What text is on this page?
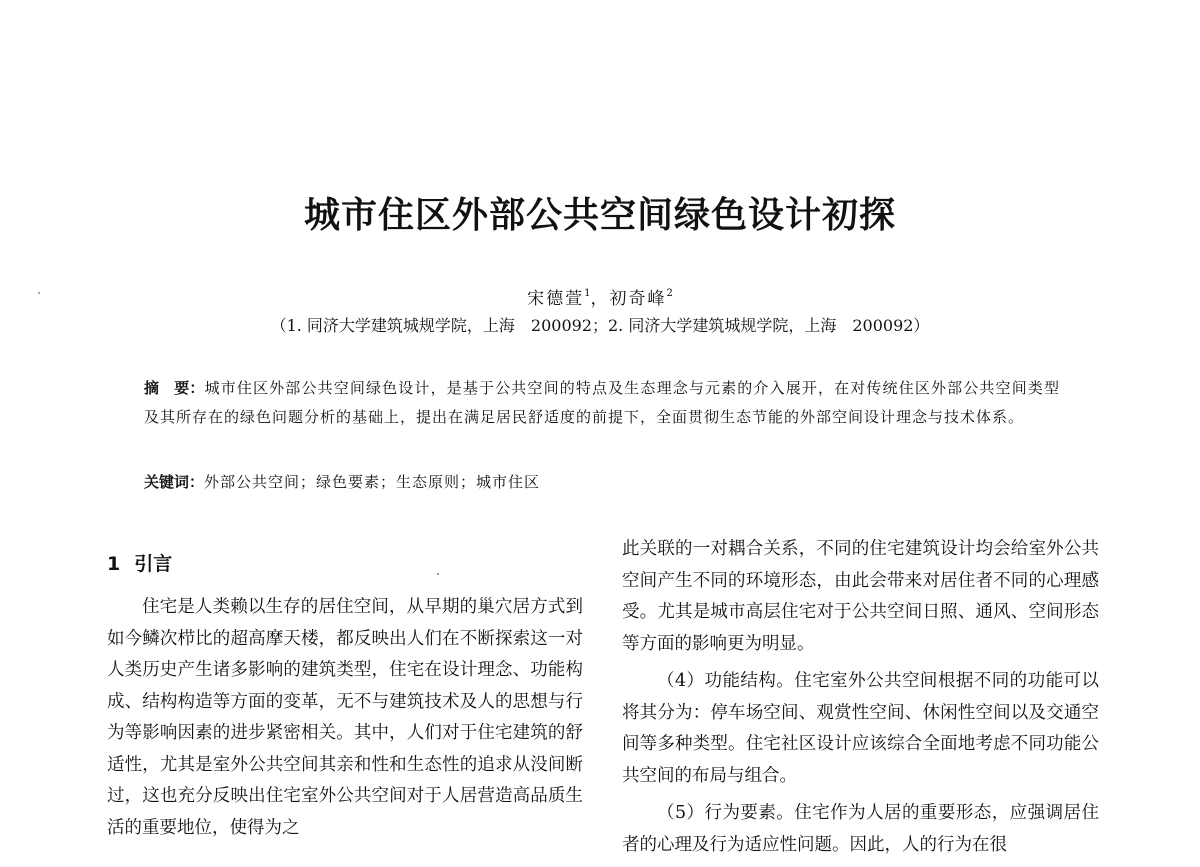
城市住区外部公共空间绿色设计初探
宋德萱$^1$，初奇峰$^2$
（1. 同济大学建筑城规学院，上海　200092；2. 同济大学建筑城规学院，上海　200092）

摘　要：城市住区外部公共空间绿色设计，是基于公共空间的特点及生态理念与元素的介入展开，在对传统住区外部公共空间类型及其所存在的绿色问题分析的基础上，提出在满足居民舒适度的前提下，全面贯彻生态节能的外部空间设计理念与技术体系。

关键词：外部公共空间；绿色要素；生态原则；城市住区

1 引言

住宅是人类赖以生存的居住空间，从早期的巢穴居方式到如今鳞次栉比的超高摩天楼，都反映出人们在不断探索这一对人类历史产生诸多影响的建筑类型，住宅在设计理念、功能构成、结构构造等方面的变革，无不与建筑技术及人的思想与行为等影响因素的进步紧密相关。其中，人们对于住宅建筑的舒适性，尤其是室外公共空间其亲和性和生态性的追求从没间断过，这也充分反映出住宅室外公共空间对于人居营造高品质生活的重要地位，使得为之

此关联的一对耦合关系，不同的住宅建筑设计均会给室外公共空间产生不同的环境形态，由此会带来对居住者不同的心理感受。尤其是城市高层住宅对于公共空间日照、通风、空间形态等方面的影响更为明显。

（4）功能结构。住宅室外公共空间根据不同的功能可以将其分为：停车场空间、观赏性空间、休闲性空间以及交通空间等多种类型。住宅社区设计应该综合全面地考虑不同功能公共空间的布局与组合。

（5）行为要素。住宅作为人居的重要形态，应强调居住者的心理及行为适应性问题。因此，人的行为在很
